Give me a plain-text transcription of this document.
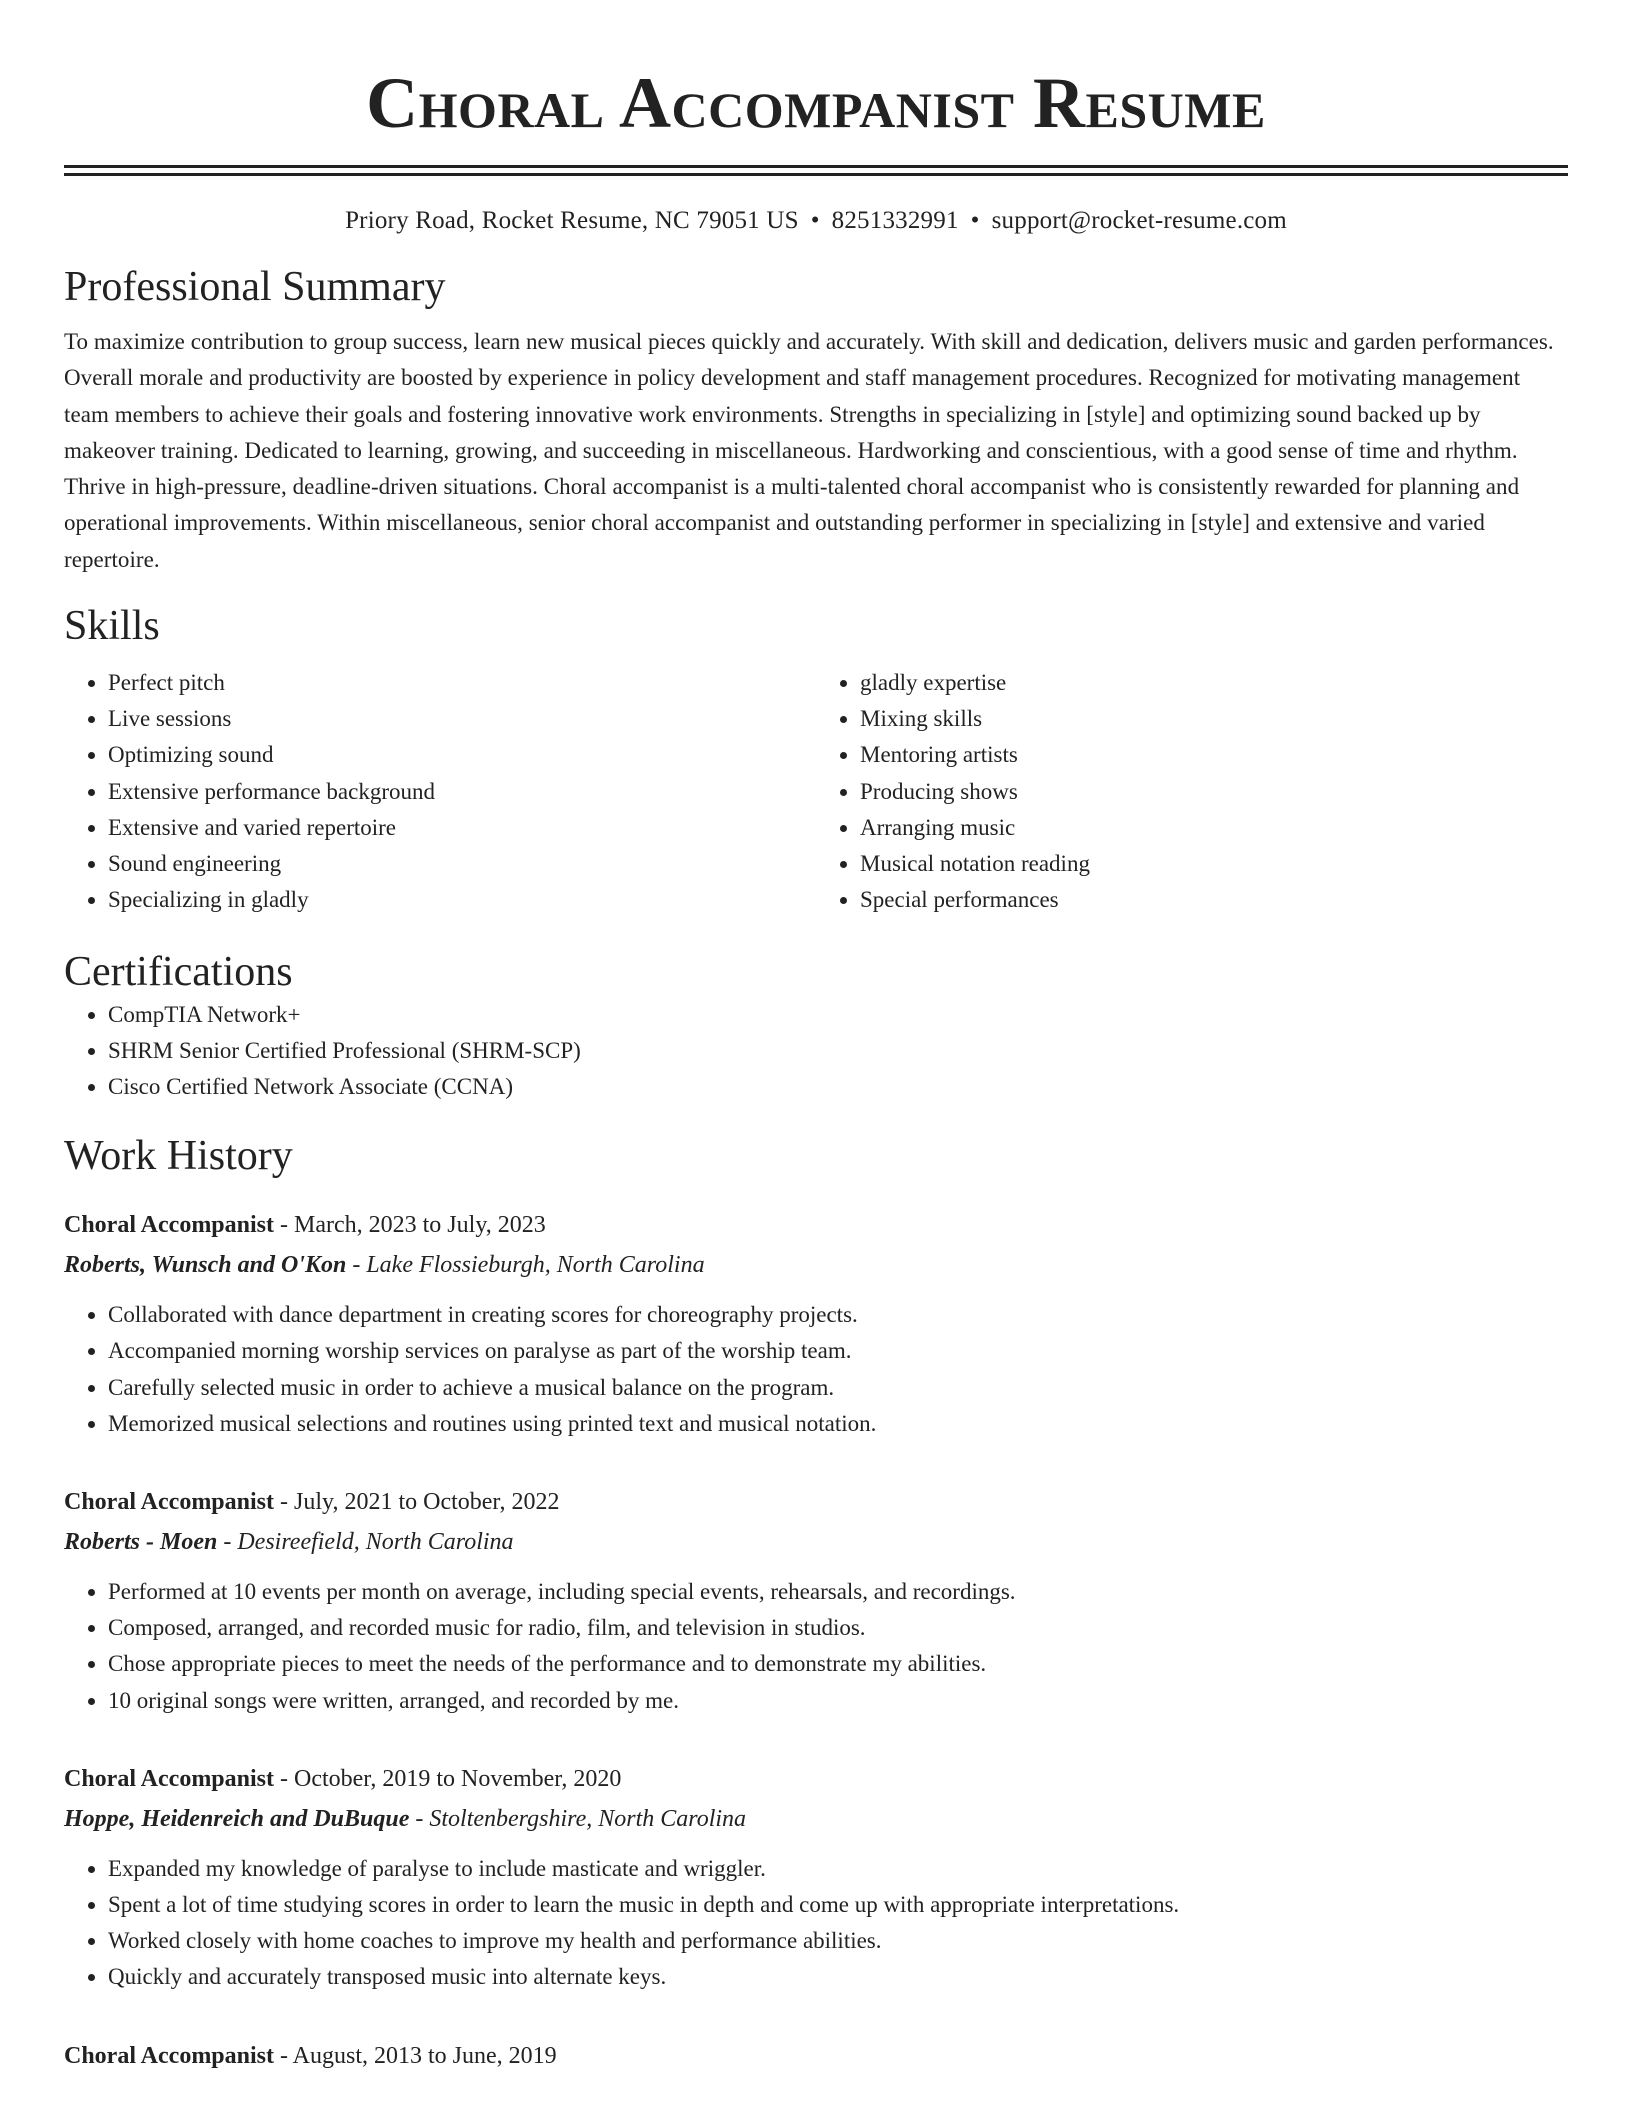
Choral Accompanist Resume
Priory Road, Rocket Resume, NC 79051 US • 8251332991 • support@rocket-resume.com
Professional Summary

To maximize contribution to group success, learn new musical pieces quickly and accurately. With skill and dedication, delivers music and garden performances. Overall morale and productivity are boosted by experience in policy development and staff management procedures. Recognized for motivating management team members to achieve their goals and fostering innovative work environments. Strengths in specializing in [style] and optimizing sound backed up by makeover training. Dedicated to learning, growing, and succeeding in miscellaneous. Hardworking and conscientious, with a good sense of time and rhythm. Thrive in high-pressure, deadline-driven situations. Choral accompanist is a multi-talented choral accompanist who is consistently rewarded for planning and operational improvements. Within miscellaneous, senior choral accompanist and outstanding performer in specializing in [style] and extensive and varied repertoire.

Skills
• Perfect pitch
• Live sessions
• Optimizing sound
• Extensive performance background
• Extensive and varied repertoire
• Sound engineering
• Specializing in gladly
• gladly expertise
• Mixing skills
• Mentoring artists
• Producing shows
• Arranging music
• Musical notation reading
• Special performances
Certifications
• CompTIA Network+
• SHRM Senior Certified Professional (SHRM-SCP)
• Cisco Certified Network Associate (CCNA)
Work History
Choral Accompanist - March, 2023 to July, 2023
Roberts, Wunsch and O'Kon - Lake Flossieburgh, North Carolina
• Collaborated with dance department in creating scores for choreography projects.
• Accompanied morning worship services on paralyse as part of the worship team.
• Carefully selected music in order to achieve a musical balance on the program.
• Memorized musical selections and routines using printed text and musical notation.
Choral Accompanist - July, 2021 to October, 2022
Roberts - Moen - Desireefield, North Carolina
• Performed at 10 events per month on average, including special events, rehearsals, and recordings.
• Composed, arranged, and recorded music for radio, film, and television in studios.
• Chose appropriate pieces to meet the needs of the performance and to demonstrate my abilities.
• 10 original songs were written, arranged, and recorded by me.
Choral Accompanist - October, 2019 to November, 2020
Hoppe, Heidenreich and DuBuque - Stoltenbergshire, North Carolina
• Expanded my knowledge of paralyse to include masticate and wriggler.
• Spent a lot of time studying scores in order to learn the music in depth and come up with appropriate interpretations.
• Worked closely with home coaches to improve my health and performance abilities.
• Quickly and accurately transposed music into alternate keys.
Choral Accompanist - August, 2013 to June, 2019
